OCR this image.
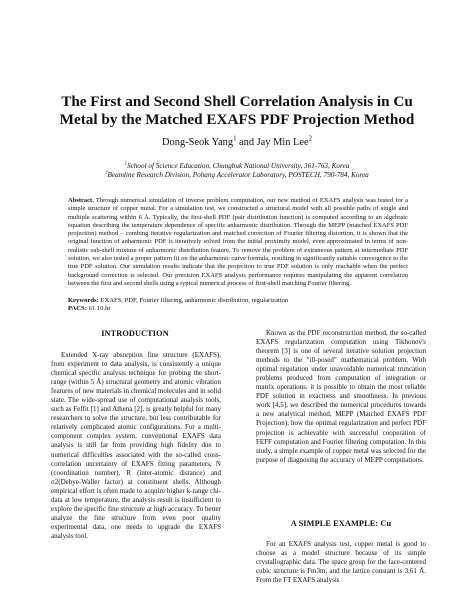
The First and Second Shell Correlation Analysis in Cu
Metal by the Matched EXAFS PDF Projection Method
Dong-Seok Yang$^1$ and Jay Min Lee$^2$
$^1$School of Science Education, Chungbuk National University, 361-763, Korea
$^2$Beamline Research Division, Pohang Accelerator Laboratory, POSTECH, 790-784, Korea
Abstract. Through numerical simulation of inverse problem computation, our new method of EXAFS analysis was tested for a simple structure of copper metal. For a simulation test, we constructed a structural model with all possible paths of single and multiple scattering within 6 Å. Typically, the first-shell PDF (pair distribution function) is computed according to an algebraic equation describing the temperature dependence of specific anharmonic distribution. Through the MEPP (matched EXAFS PDF projection) method – combing iterative regularization and matched correction of Fourier filtering distortion, it is shown that the original function of anharmonic PDF is iteratively solved from the initial proximity model, even approximated in terms of non-realistic sub-shell mixture of anharmonic distribution feature. To remove the problem of extraneous pattern at intermediate PDF solution, we also tested a proper pattern fit on the anharmonic curve formula, resulting in significantly suitable convergence to the true PDF solution. Our simulation results indicate that the projection to true PDF solution is only reachable when the perfect background correction is selected. Our precision EXAFS analysis performance requires manipulating the apparent correlation between the first and second shells using a typical numerical process of first-shell matching Fourier filtering.
Keywords: EXAFS, PDF, Fourier filtering, anharmonic distribution, regularization
PACS: 61.10.ht
INTRODUCTION

Extended X-ray absorption fine structure (EXAFS), from experiment to data analysis, is consistently a unique chemical specific analysis technique for probing the short-range (within 5 Å) structural geometry and atomic vibration features of new materials in chemical molecules and in solid state. The wide-spread use of computational analysis tools, such as Feffit [1] and Athena [2], is greatly helpful for many researchers to solve the structure, but less contributable for relatively complicated atomic configurations. For a multi-component complex system, conventional EXAFS data analysis is still far from providing high fidelity due to numerical difficulties associated with the so-called cross-correlation uncertainty of EXAFS fitting parameters, N (coordination number), R (inter-atomic distance) and σ2(Debye-Waller factor) at constituent shells. Although empirical effort is often made to acquire higher k-range chi-data at low temperature, the analysis result is insufficient to explore the specific fine structure at high accuracy. To better analyze the fine structure from even poor quality experimental data, one needs to upgrade the EXAFS analysis tool.

Known as the PDF reconstruction method, the so-called EXAFS regularization computation using Tikhonov's theorem [3] is one of several iterative solution projection methods to the "ill-posed" mathematical problem. With optimal regulation under unavoidable numerical truncation problems produced from computation of integration or matrix operations, it is possible to obtain the most reliable PDF solution in exactness and smoothness. In previous work [4,5], we described the numerical procedures towards a new analytical method, MEPP (Matched EXAFS PDF Projection); how the optimal regularization and perfect PDF projection is achievable with successful cooperation of FEFF computation and Fourier filtering computation. In this study, a simple example of copper metal was selected for the purpose of diagnosing the accuracy of MEPP computations.

A SIMPLE EXAMPLE: Cu

For an EXAFS analysis test, copper metal is good to choose as a model structure because of its simple crystallographic data. The space group for the face-centered cubic structure is Fm3m, and the lattice constant is 3.61 Å. From the FT EXAFS analysis
